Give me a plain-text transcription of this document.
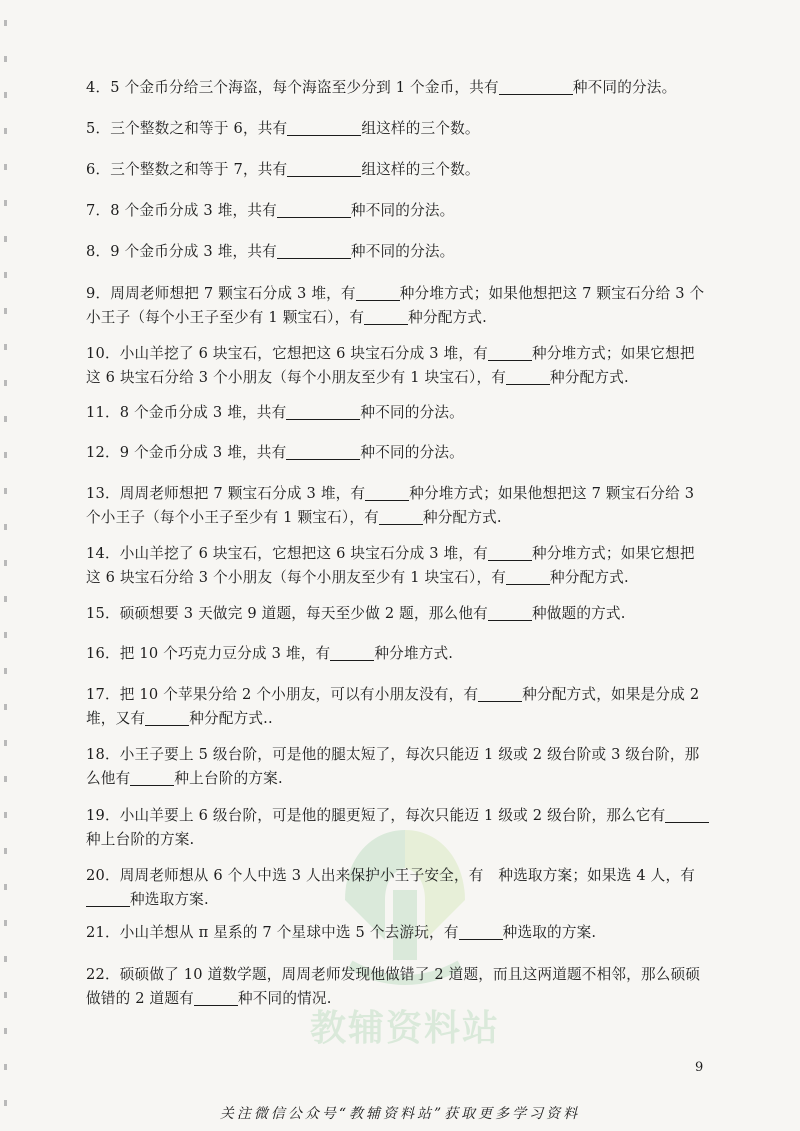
教辅资料站
4．5 个金币分给三个海盗，每个海盗至少分到 1 个金币，共有	种不同的分法。
5．三个整数之和等于 6，共有	组这样的三个数。
6．三个整数之和等于 7，共有	组这样的三个数。
7．8 个金币分成 3 堆，共有	种不同的分法。
8．9 个金币分成 3 堆，共有	种不同的分法。
9．周周老师想把 7 颗宝石分成 3 堆，有	种分堆方式；如果他想把这 7 颗宝石分给 3 个
小王子（每个小王子至少有 1 颗宝石），有	种分配方式.
10．小山羊挖了 6 块宝石，它想把这 6 块宝石分成 3 堆，有	种分堆方式；如果它想把
这 6 块宝石分给 3 个小朋友（每个小朋友至少有 1 块宝石），有	种分配方式.
11．8 个金币分成 3 堆，共有	种不同的分法。
12．9 个金币分成 3 堆，共有	种不同的分法。
13．周周老师想把 7 颗宝石分成 3 堆，有	种分堆方式；如果他想把这 7 颗宝石分给 3
个小王子（每个小王子至少有 1 颗宝石），有	种分配方式.
14．小山羊挖了 6 块宝石，它想把这 6 块宝石分成 3 堆，有	种分堆方式；如果它想把
这 6 块宝石分给 3 个小朋友（每个小朋友至少有 1 块宝石），有	种分配方式.
15．硕硕想要 3 天做完 9 道题，每天至少做 2 题，那么他有	种做题的方式.
16．把 10 个巧克力豆分成 3 堆，有	种分堆方式.
17．把 10 个苹果分给 2 个小朋友，可以有小朋友没有，有	种分配方式，如果是分成 2
堆，又有	种分配方式..
18．小王子要上 5 级台阶，可是他的腿太短了，每次只能迈 1 级或 2 级台阶或 3 级台阶，那
么他有	种上台阶的方案.
19．小山羊要上 6 级台阶，可是他的腿更短了，每次只能迈 1 级或 2 级台阶，那么它有
种上台阶的方案.
20．周周老师想从 6 个人中选 3 人出来保护小王子安全，有　种选取方案；如果选 4 人，有
种选取方案.
21．小山羊想从 π 星系的 7 个星球中选 5 个去游玩，有	种选取的方案.
22．硕硕做了 10 道数学题，周周老师发现他做错了 2 道题，而且这两道题不相邻，那么硕硕
做错的 2 道题有	种不同的情况.
9
关注微信公众号“教辅资料站”获取更多学习资料
